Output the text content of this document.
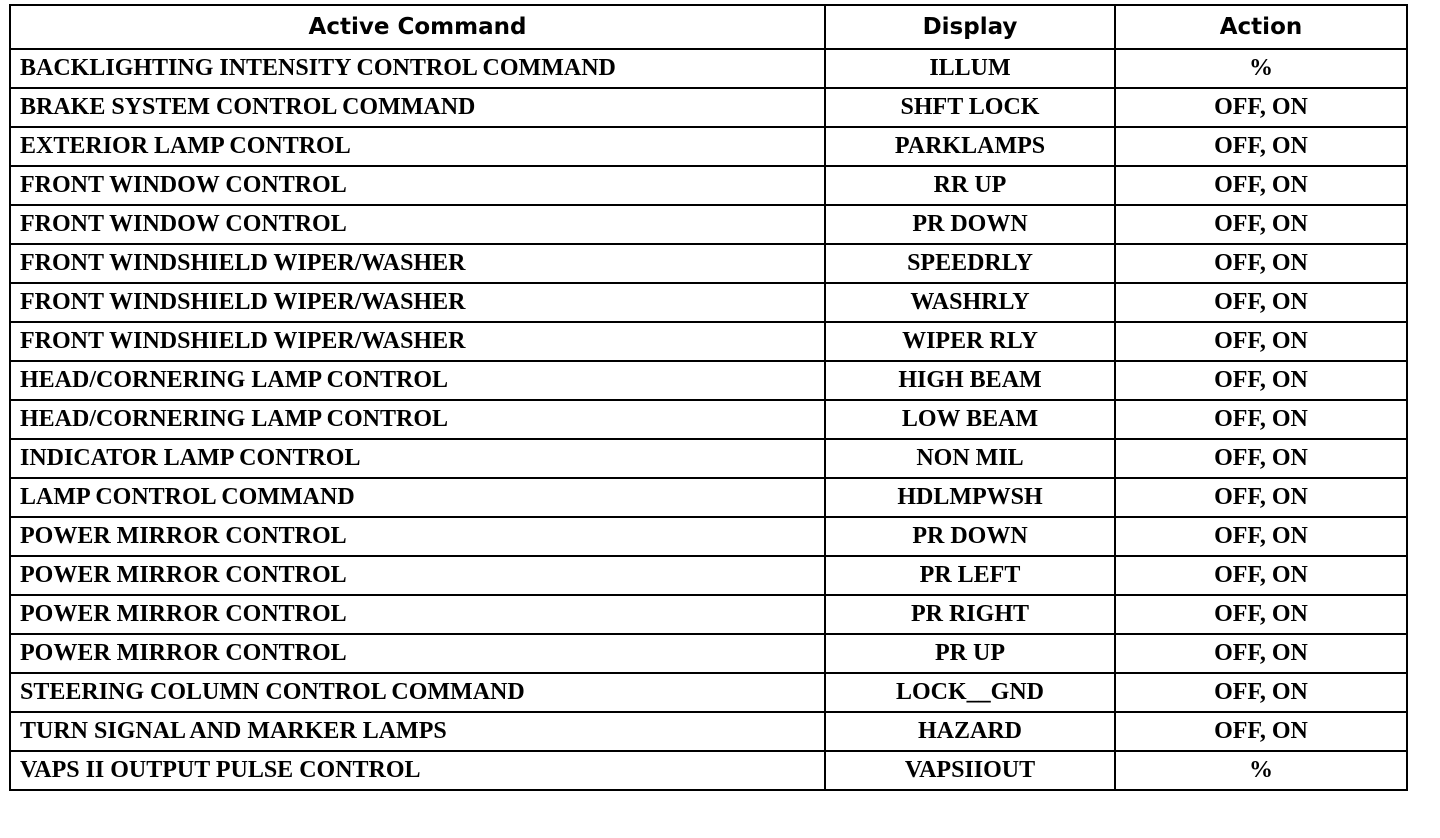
Active Command	Display	Action
BACKLIGHTING INTENSITY CONTROL COMMAND	ILLUM	%
BRAKE SYSTEM CONTROL COMMAND	SHFT LOCK	OFF, ON
EXTERIOR LAMP CONTROL	PARKLAMPS	OFF, ON
FRONT WINDOW CONTROL	RR UP	OFF, ON
FRONT WINDOW CONTROL	PR DOWN	OFF, ON
FRONT WINDSHIELD WIPER/WASHER	SPEEDRLY	OFF, ON
FRONT WINDSHIELD WIPER/WASHER	WASHRLY	OFF, ON
FRONT WINDSHIELD WIPER/WASHER	WIPER RLY	OFF, ON
HEAD/CORNERING LAMP CONTROL	HIGH BEAM	OFF, ON
HEAD/CORNERING LAMP CONTROL	LOW BEAM	OFF, ON
INDICATOR LAMP CONTROL	NON MIL	OFF, ON
LAMP CONTROL COMMAND	HDLMPWSH	OFF, ON
POWER MIRROR CONTROL	PR DOWN	OFF, ON
POWER MIRROR CONTROL	PR LEFT	OFF, ON
POWER MIRROR CONTROL	PR RIGHT	OFF, ON
POWER MIRROR CONTROL	PR UP	OFF, ON
STEERING COLUMN CONTROL COMMAND	LOCK__GND	OFF, ON
TURN SIGNAL AND MARKER LAMPS	HAZARD	OFF, ON
VAPS II OUTPUT PULSE CONTROL	VAPSIIOUT	%
